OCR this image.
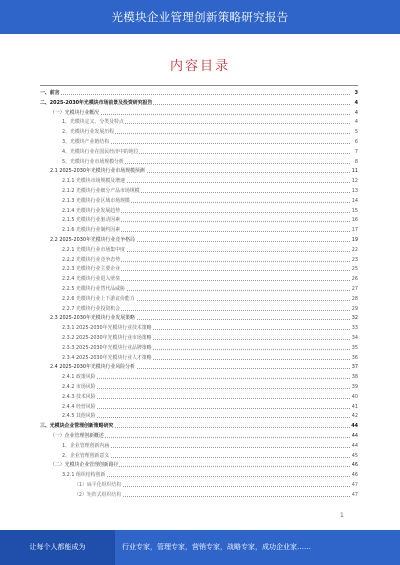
光模块企业管理创新策略研究报告
内容目录
一、前言	3
二、2025-2030年光模块市场前景及投资研究报告	4
（一）光模块行业概况	4
1、光模块定义、分类及特点	4
2、光模块行业发展历程	5
3、光模块产业链结构	6
4、光模块行业在国民经济中的地位	7
5、光模块行业市场规模分析	8
2.1 2025-2030年光模块行业市场规模预测	11
2.1.1 光模块市场规模及增速	12
2.1.2 光模块行业细分产品市场规模	13
2.1.3 光模块行业区域市场规模	14
2.1.4 光模块行业发展趋势	15
2.1.5 光模块行业驱动因素	16
2.1.6 光模块行业制约因素	17
2.2 2025-2030年光模块行业竞争格局	19
2.2.1 光模块行业市场集中度	22
2.2.2 光模块行业竞争态势	23
2.2.3 光模块行业主要企业	25
2.2.4 光模块行业进入壁垒	26
2.2.5 光模块行业替代品威胁	27
2.2.6 光模块行业上下游议价能力	28
2.2.7 光模块行业投资机会	29
2.3 2025-2030年光模块行业发展策略	32
2.3.1 2025-2030年光模块行业技术策略	33
2.3.2 2025-2030年光模块行业市场策略	34
2.3.3 2025-2030年光模块行业品牌策略	35
2.3.4 2025-2030年光模块行业人才策略	36
2.4 2025-2030年光模块行业风险分析	37
2.4.1 政策风险	38
2.4.2 市场风险	39
2.4.3 技术风险	40
2.4.4 经营风险	41
2.4.5 其他风险	42
三、光模块企业管理创新策略研究	44
（一）企业管理创新概述	44
1、企业管理创新内涵	44
2、企业管理创新意义	45
（二）光模块企业管理创新路径	46
3.2.1 组织结构创新	46
（1）扁平化组织结构	47
（2）矩阵式组织结构	47
1
让每个人都能成为	行业专家，管理专家，营销专家，战略专家，成功企业家……
